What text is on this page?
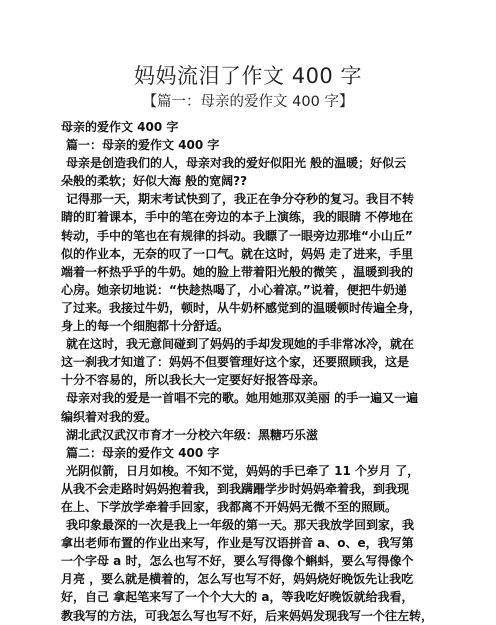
妈妈流泪了作文 400 字

【篇一：母亲的爱作文 400 字】

母亲的爱作文 400 字
篇一：母亲的爱作文 400 字
母亲是创造我们的人，母亲对我的爱好似阳光 般的温暖；好似云
朵般的柔软；好似大海 般的宽阔??
记得那一天，期末考试快到了，我正在争分夺秒的复习。我目不转
睛的盯着课本，手中的笔在旁边的本子上演练，我的眼睛 不停地在
转动，手中的笔也在有规律的抖动。我瞟了一眼旁边那堆“小山丘”
似的作业本，无奈的叹了一口气。就在这时，妈妈 走了进来，手里
端着一杯热乎乎的牛奶。她的脸上带着阳光般的微笑 ，温暖到我的
心房。她亲切地说：“快趁热喝了，小心着凉。”说着，便把牛奶递
了过来。我接过牛奶，顿时，从牛奶杯感觉到的温暖顿时传遍全身，
身上的每一个细胞都十分舒适。
就在这时，我无意间碰到了妈妈的手却发现她的手非常冰冷，就在
这一刹我才知道了：妈妈不但要管理好这个家，还要照顾我，这是
十分不容易的，所以我长大一定要好好报答母亲。
母亲对我的爱是一首唱不完的歌。她用她那双美丽 的手一遍又一遍
编织着对我的爱。
湖北武汉武汉市育才一分校六年级：黑糖巧乐滋
篇二：母亲的爱作文 400 字
光阴似箭，日月如梭。不知不觉，妈妈的手已牵了 11 个岁月 了，
从我不会走路时妈妈抱着我，到我蹒跚学步时妈妈牵着我，到我现
在上、下学放学牵着手回家，我都离不开妈妈无微不至的照顾。
我印象最深的一次是我上一年级的第一天。那天我放学回到家，我
拿出老师布置的作业出来写，作业是写汉语拼音 a、o、e，我写第
一个字母 a 时，怎么也写不好，要么写得像个蝌蚪，要么写得像个
月亮 ，要么就是横着的，怎么写也写不好，妈妈烧好晚饭先让我吃
好，自己 拿起笔来写了一个个大大的 a，等我吃好晚饭就给我看，
教我写的方法，可我怎么写也写不好，后来妈妈发现我写一个往左转，
